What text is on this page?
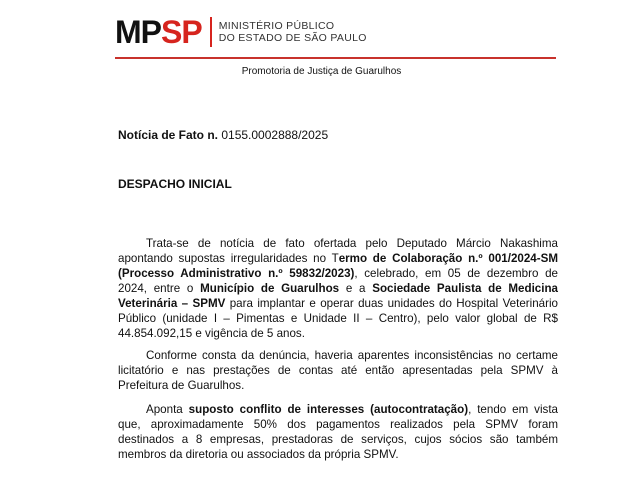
MP SP MINISTÉRIO PÚBLICO
DO ESTADO DE SÃO PAULO
Promotoria de Justiça de Guarulhos
Notícia de Fato n. 0155.0002888/2025
DESPACHO INICIAL

Trata-se de notícia de fato ofertada pelo Deputado Márcio Nakashima apontando supostas irregularidades no Termo de Colaboração n.º 001/2024-SM (Processo Administrativo n.º 59832/2023), celebrado, em 05 de dezembro de 2024, entre o Município de Guarulhos e a Sociedade Paulista de Medicina Veterinária – SPMV para implantar e operar duas unidades do Hospital Veterinário Público (unidade I – Pimentas e Unidade II – Centro), pelo valor global de R$ 44.854.092,15 e vigência de 5 anos.

Conforme consta da denúncia, haveria aparentes inconsistências no certame licitatório e nas prestações de contas até então apresentadas pela SPMV à Prefeitura de Guarulhos.

Aponta suposto conflito de interesses (autocontratação), tendo em vista que, aproximadamente 50% dos pagamentos realizados pela SPMV foram destinados a 8 empresas, prestadoras de serviços, cujos sócios são também membros da diretoria ou associados da própria SPMV.
